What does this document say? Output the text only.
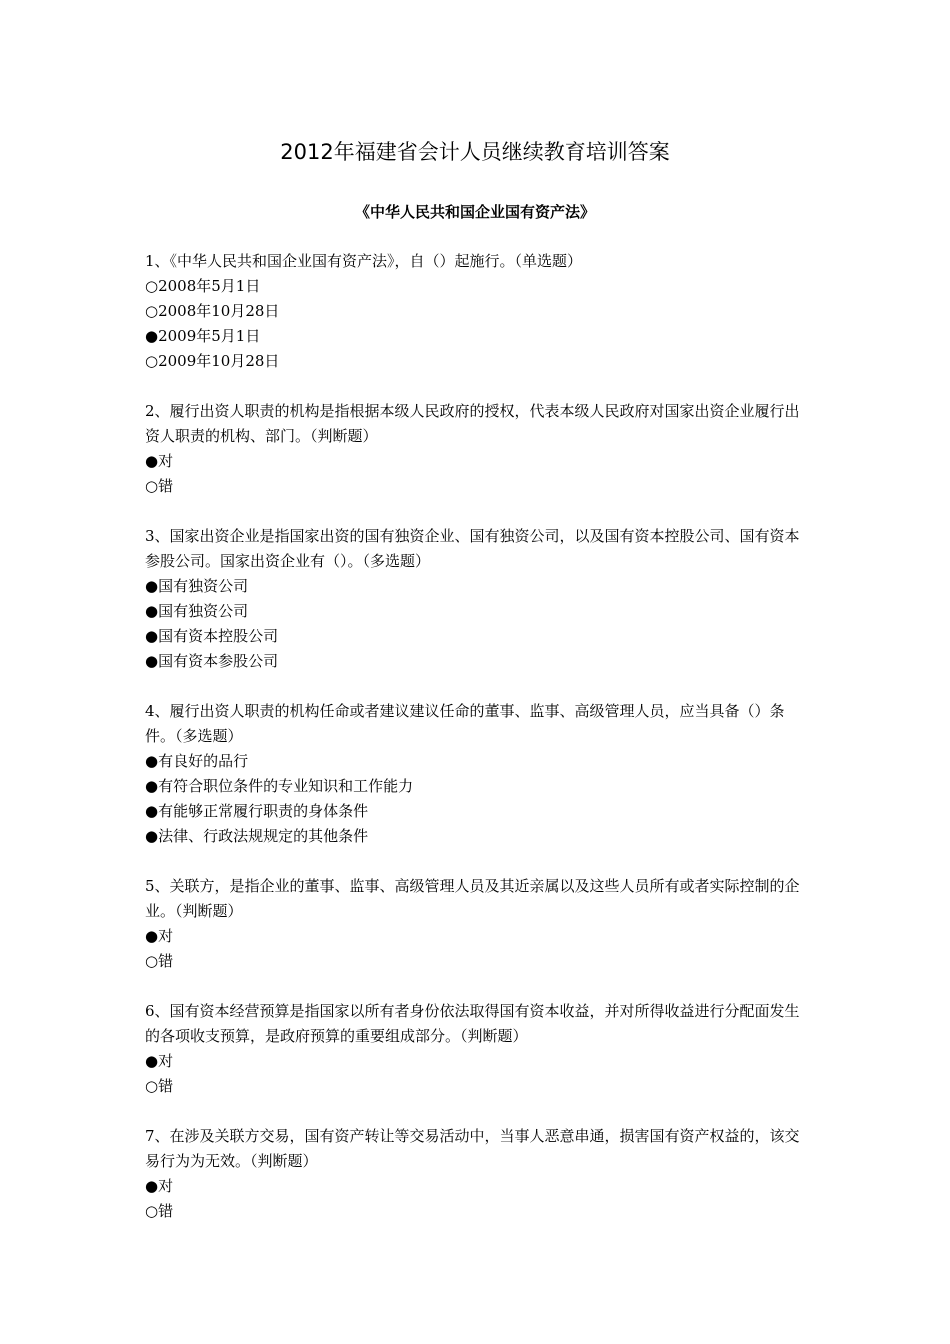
2012年福建省会计人员继续教育培训答案
《中华人民共和国企业国有资产法》

1、《中华人民共和国企业国有资产法》，自（）起施行。（单选题）

○2008年5月1日

○2008年10月28日

●2009年5月1日

○2009年10月28日

2、履行出资人职责的机构是指根据本级人民政府的授权，代表本级人民政府对国家出资企业履行出资人职责的机构、部门。（判断题）

●对

○错

3、国家出资企业是指国家出资的国有独资企业、国有独资公司，以及国有资本控股公司、国有资本参股公司。国家出资企业有（）。（多选题）

●国有独资公司

●国有独资公司

●国有资本控股公司

●国有资本参股公司

4、履行出资人职责的机构任命或者建议建议任命的董事、监事、高级管理人员，应当具备（）条件。（多选题）

●有良好的品行

●有符合职位条件的专业知识和工作能力

●有能够正常履行职责的身体条件

●法律、行政法规规定的其他条件

5、关联方，是指企业的董事、监事、高级管理人员及其近亲属以及这些人员所有或者实际控制的企业。（判断题）

●对

○错

6、国有资本经营预算是指国家以所有者身份依法取得国有资本收益，并对所得收益进行分配面发生的各项收支预算，是政府预算的重要组成部分。（判断题）

●对

○错

7、在涉及关联方交易，国有资产转让等交易活动中，当事人恶意串通，损害国有资产权益的，该交易行为为无效。（判断题）

●对

○错
